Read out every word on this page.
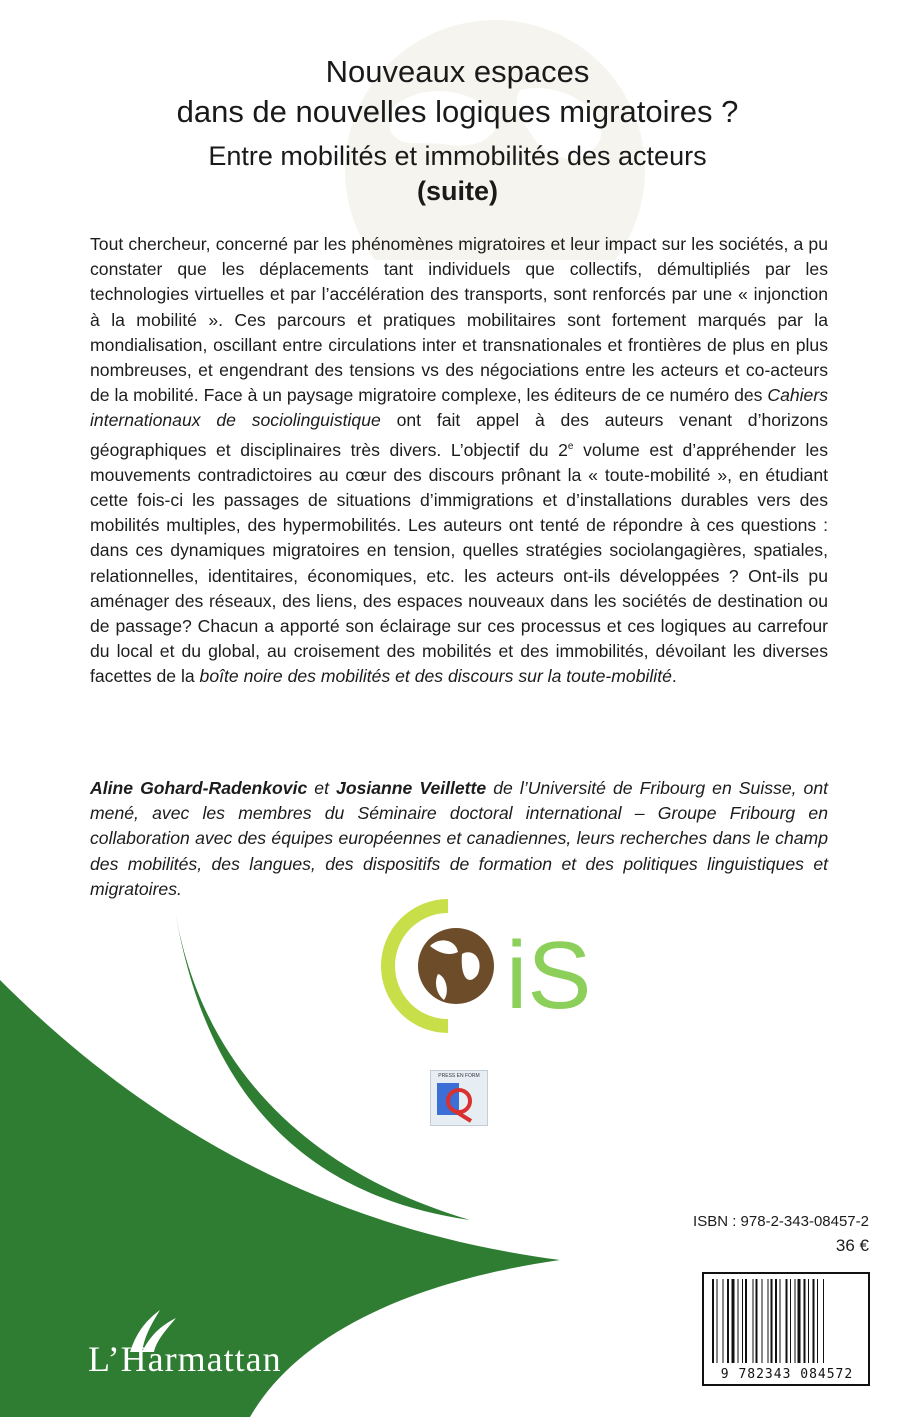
Nouveaux espaces
dans de nouvelles logiques migratoires ?
Entre mobilités et immobilités des acteurs
(suite)
Tout chercheur, concerné par les phénomènes migratoires et leur impact sur les sociétés, a pu constater que les déplacements tant individuels que collectifs, démultipliés par les technologies virtuelles et par l’accélération des transports, sont renforcés par une « injonction à la mobilité ». Ces parcours et pratiques mobilitaires sont fortement marqués par la mondialisation, oscillant entre circulations inter et transnationales et frontières de plus en plus nombreuses, et engendrant des tensions vs des négociations entre les acteurs et co-acteurs de la mobilité. Face à un paysage migratoire complexe, les éditeurs de ce numéro des Cahiers internationaux de sociolinguistique ont fait appel à des auteurs venant d’horizons géographiques et disciplinaires très divers. L’objectif du 2e volume est d’appréhender les mouvements contradictoires au cœur des discours prônant la « toute-mobilité », en étudiant cette fois-ci les passages de situations d’immigrations et d’installations durables vers des mobilités multiples, des hypermobilités. Les auteurs ont tenté de répondre à ces questions : dans ces dynamiques migratoires en tension, quelles stratégies sociolangagières, spatiales, relationnelles, identitaires, économiques, etc. les acteurs ont-ils développées ? Ont-ils pu aménager des réseaux, des liens, des espaces nouveaux dans les sociétés de destination ou de passage? Chacun a apporté son éclairage sur ces processus et ces logiques au carrefour du local et du global, au croisement des mobilités et des immobilités, dévoilant les diverses facettes de la boîte noire des mobilités et des discours sur la toute-mobilité.
Aline Gohard-Radenkovic et Josianne Veillette de l’Université de Fribourg en Suisse, ont mené, avec les membres du Séminaire doctoral international – Groupe Fribourg en collaboration avec des équipes européennes et canadiennes, leurs recherches dans le champ des mobilités, des langues, des dispositifs de formation et des politiques linguistiques et migratoires.
iS
PRESS EN FORM
ISBN : 978-2-343-08457-2
36 €
9 782343 084572
L’Harmattan
